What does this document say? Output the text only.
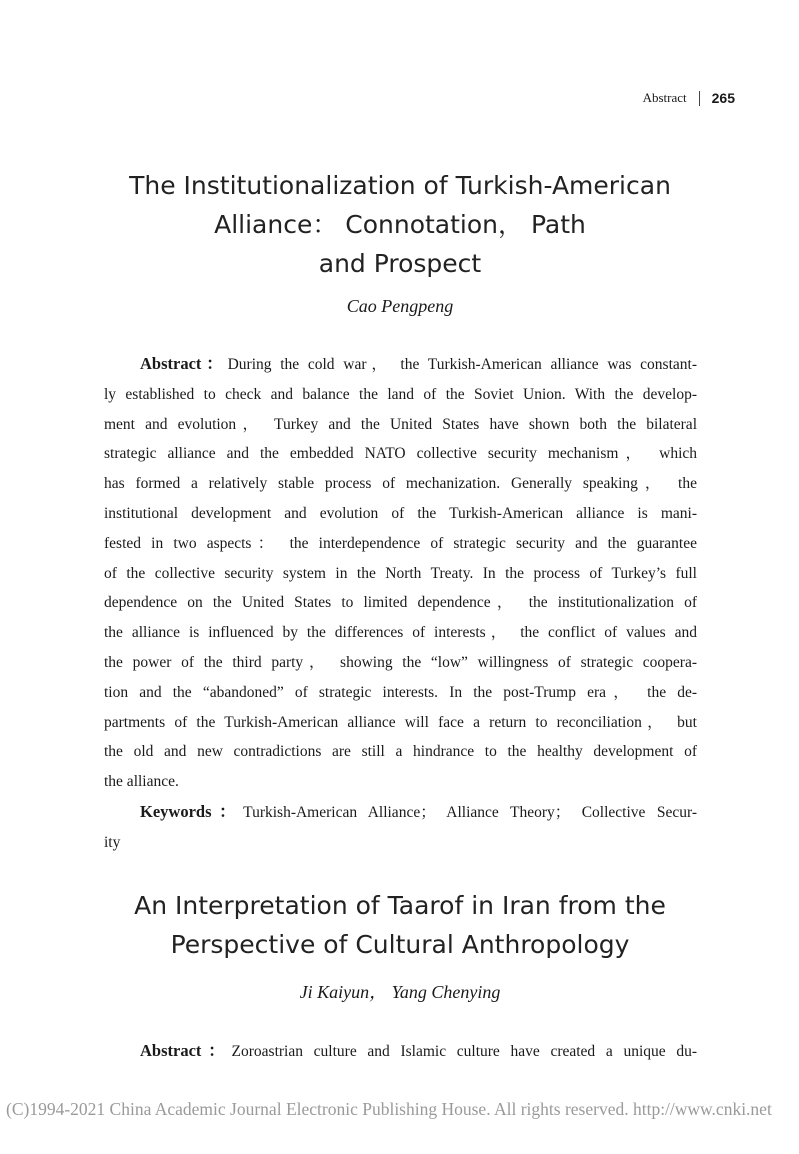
Abstract 265
The Institutionalization of Turkish-American
Alliance： Connotation， Path
and Prospect
Cao Pengpeng
Abstract：During the cold war， the Turkish-American alliance was constant-
ly established to check and balance the land of the Soviet Union. With the develop-
ment and evolution， Turkey and the United States have shown both the bilateral
strategic alliance and the embedded NATO collective security mechanism， which
has formed a relatively stable process of mechanization. Generally speaking， the
institutional development and evolution of the Turkish-American alliance is mani-
fested in two aspects： the interdependence of strategic security and the guarantee
of the collective security system in the North Treaty. In the process of Turkey’s full
dependence on the United States to limited dependence， the institutionalization of
the alliance is influenced by the differences of interests， the conflict of values and
the power of the third party， showing the “low” willingness of strategic coopera-
tion and the “abandoned” of strategic interests. In the post-Trump era， the de-
partments of the Turkish-American alliance will face a return to reconciliation， but
the old and new contradictions are still a hindrance to the healthy development of
the alliance.
Keywords：Turkish-American Alliance； Alliance Theory； Collective Secur-
ity
An Interpretation of Taarof in Iran from the
Perspective of Cultural Anthropology
Ji Kaiyun， Yang Chenying
Abstract：Zoroastrian culture and Islamic culture have created a unique du-
(C)1994-2021 China Academic Journal Electronic Publishing House. All rights reserved. http://www.cnki.net
